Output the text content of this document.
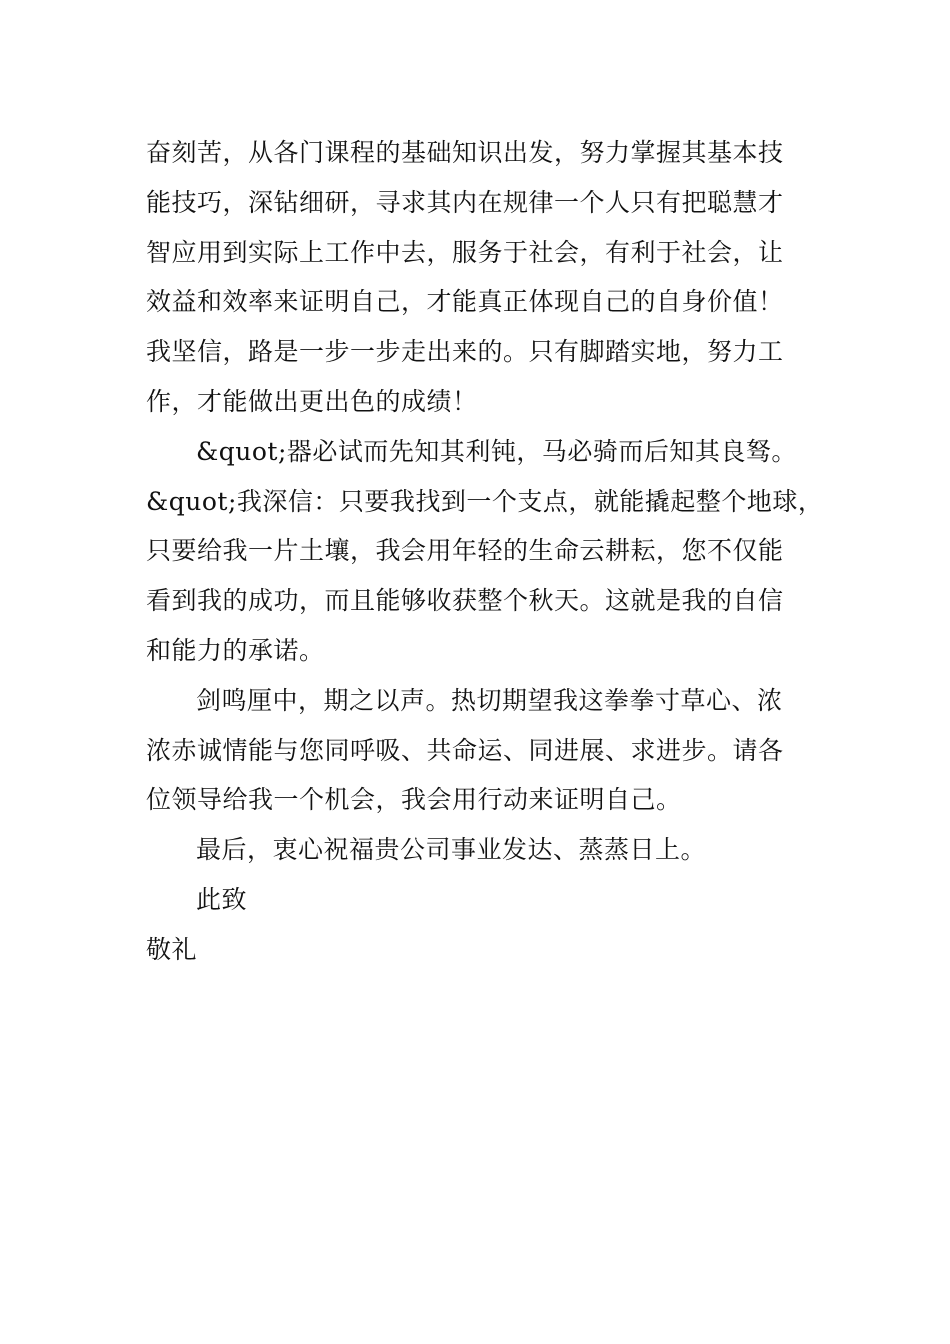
奋刻苦，从各门课程的基础知识出发，努力掌握其基本技
能技巧，深钻细研，寻求其内在规律一个人只有把聪慧才
智应用到实际上工作中去，服务于社会，有利于社会，让
效益和效率来证明自己，才能真正体现自己的自身价值！
我坚信，路是一步一步走出来的。只有脚踏实地，努力工
作，才能做出更出色的成绩！
&quot;器必试而先知其利钝，马必骑而后知其良驽。
&quot;我深信：只要我找到一个支点，就能撬起整个地球，
只要给我一片土壤，我会用年轻的生命云耕耘，您不仅能
看到我的成功，而且能够收获整个秋天。这就是我的自信
和能力的承诺。
剑鸣厘中，期之以声。热切期望我这拳拳寸草心、浓
浓赤诚情能与您同呼吸、共命运、同进展、求进步。请各
位领导给我一个机会，我会用行动来证明自己。
最后，衷心祝福贵公司事业发达、蒸蒸日上。
此致
敬礼
